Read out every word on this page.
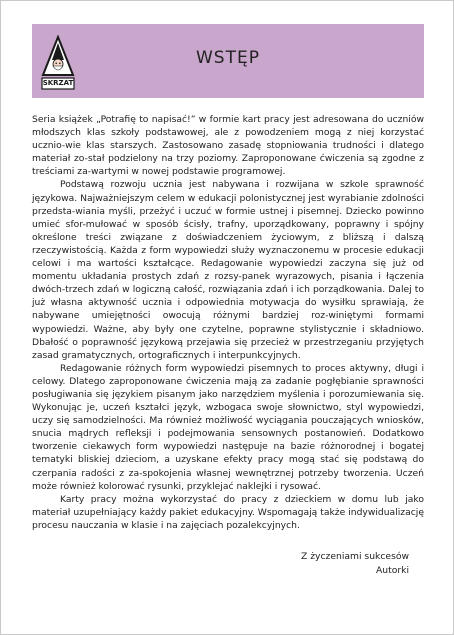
SKRZAT
WSTĘP

Seria książek „Potrafię to napisać!” w formie kart pracy jest adresowana do uczniów młodszych klas szkoły podstawowej, ale z powodzeniem mogą z niej korzystać ucznio-wie klas starszych. Zastosowano zasadę stopniowania trudności i dlatego materiał zo-stał podzielony na trzy poziomy. Zaproponowane ćwiczenia są zgodne z treściami za-wartymi w nowej podstawie programowej.

Podstawą rozwoju ucznia jest nabywana i rozwijana w szkole sprawność językowa. Najważniejszym celem w edukacji polonistycznej jest wyrabianie zdolności przedsta-wiania myśli, przeżyć i uczuć w formie ustnej i pisemnej. Dziecko powinno umieć sfor-mułować w sposób ścisły, trafny, uporządkowany, poprawny i spójny określone treści związane z doświadczeniem życiowym, z bliższą i dalszą rzeczywistością. Każda z form wypowiedzi służy wyznaczonemu w procesie edukacji celowi i ma wartości kształcące. Redagowanie wypowiedzi zaczyna się już od momentu układania prostych zdań z rozsy-panek wyrazowych, pisania i łączenia dwóch-trzech zdań w logiczną całość, rozwiązania zdań i ich porządkowania. Dalej to już własna aktywność ucznia i odpowiednia motywacja do wysiłku sprawiają, że nabywane umiejętności owocują różnymi bardziej roz-winiętymi formami wypowiedzi. Ważne, aby były one czytelne, poprawne stylistycznie i składniowo. Dbałość o poprawność językową przejawia się przecież w przestrzeganiu przyjętych zasad gramatycznych, ortograficznych i interpunkcyjnych.

Redagowanie różnych form wypowiedzi pisemnych to proces aktywny, długi i celowy. Dlatego zaproponowane ćwiczenia mają za zadanie pogłębianie sprawności posługiwania się językiem pisanym jako narzędziem myślenia i porozumiewania się. Wykonując je, uczeń kształci język, wzbogaca swoje słownictwo, styl wypowiedzi, uczy się samodzielności. Ma również możliwość wyciągania pouczających wniosków, snucia mądrych refleksji i podejmowania sensownych postanowień. Dodatkowo tworzenie ciekawych form wypowiedzi następuje na bazie różnorodnej i bogatej tematyki bliskiej dzieciom, a uzyskane efekty pracy mogą stać się podstawą do czerpania radości z za-spokojenia własnej wewnętrznej potrzeby tworzenia. Uczeń może również kolorować rysunki, przyklejać naklejki i rysować.

Karty pracy można wykorzystać do pracy z dzieckiem w domu lub jako materiał uzupełniający każdy pakiet edukacyjny. Wspomagają także indywidualizację procesu nauczania w klasie i na zajęciach pozalekcyjnych.

Z życzeniami sukcesów
Autorki
